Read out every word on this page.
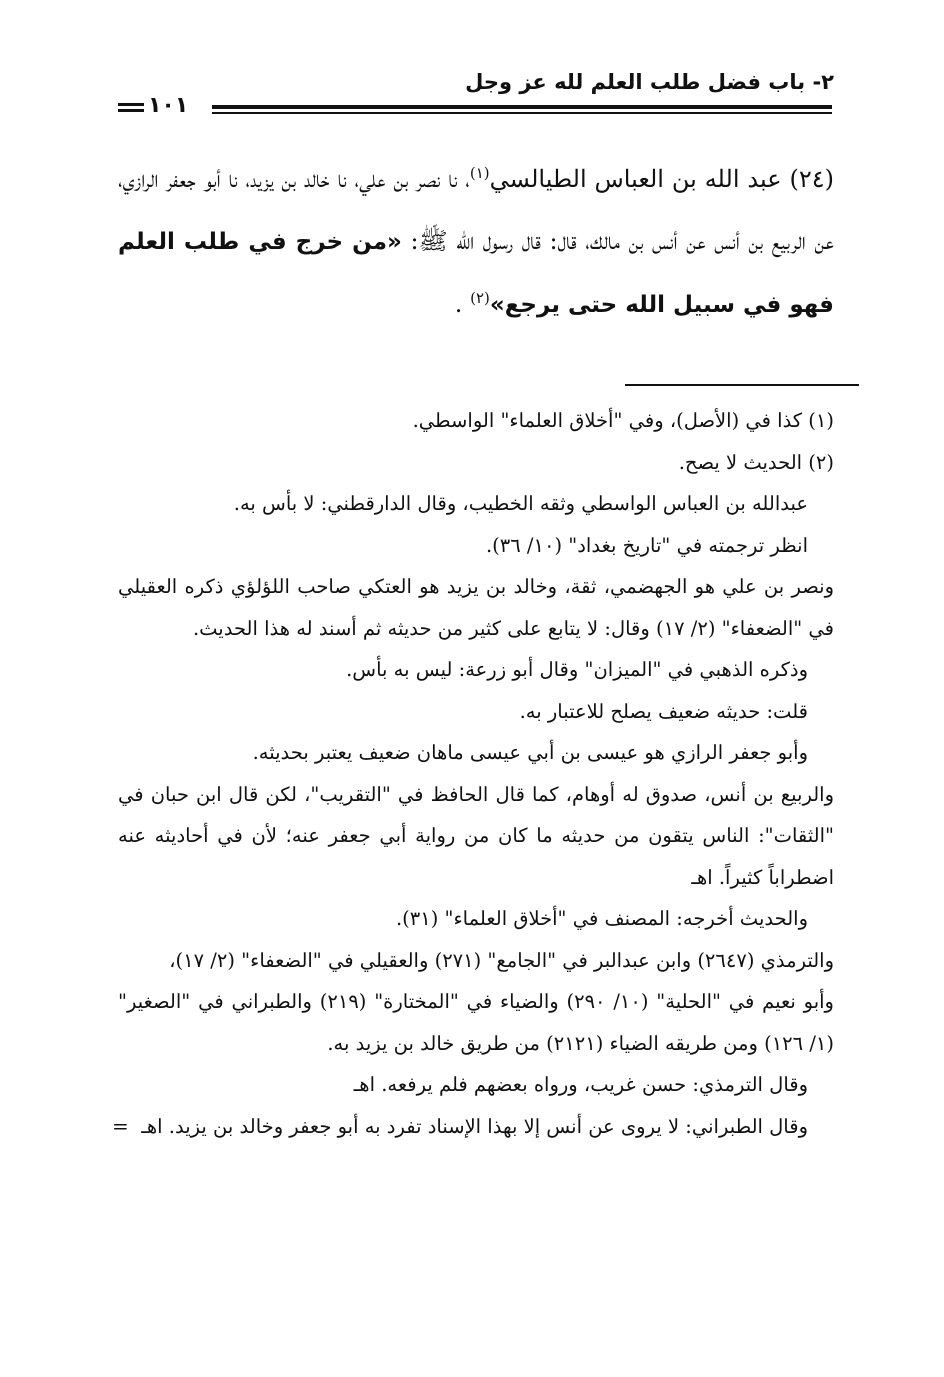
٢- باب فضل طلب العلم لله عز وجل
١٠١

(٢٤) عبد الله بن العباس الطيالسي$^{(١)}$، نا نصر بن علي، نا خالد بن يزيد، نا أبو جعفر الرازي، عن الربيع بن أنس عن أنس بن مالك، قال: قال رسول الله ﷺ: «من خرج في طلب العلم فهو في سبيل الله حتى يرجع»$^{(٢)}$ .

(١) كذا في (الأصل)، وفي "أخلاق العلماء" الواسطي.

(٢) الحديث لا يصح.

عبدالله بن العباس الواسطي وثقه الخطيب، وقال الدارقطني: لا بأس به.

انظر ترجمته في "تاريخ بغداد" (١٠/ ٣٦).

ونصر بن علي هو الجهضمي، ثقة، وخالد بن يزيد هو العتكي صاحب اللؤلؤي ذكره العقيلي في "الضعفاء" (٢/ ١٧) وقال: لا يتابع على كثير من حديثه ثم أسند له هذا الحديث.

وذكره الذهبي في "الميزان" وقال أبو زرعة: ليس به بأس.

قلت: حديثه ضعيف يصلح للاعتبار به.

وأبو جعفر الرازي هو عيسى بن أبي عيسى ماهان ضعيف يعتبر بحديثه.

والربيع بن أنس، صدوق له أوهام، كما قال الحافظ في "التقريب"، لكن قال ابن حبان في "الثقات": الناس يتقون من حديثه ما كان من رواية أبي جعفر عنه؛ لأن في أحاديثه عنه اضطراباً كثيراً. اهـ

والحديث أخرجه: المصنف في "أخلاق العلماء" (٣١).

والترمذي (٢٦٤٧) وابن عبدالبر في "الجامع" (٢٧١) والعقيلي في "الضعفاء" (٢/ ١٧)،

وأبو نعيم في "الحلية" (١٠/ ٢٩٠) والضياء في "المختارة" (٢١٩) والطبراني في "الصغير" (١/ ١٢٦) ومن طريقه الضياء (٢١٢١) من طريق خالد بن يزيد به.

وقال الترمذي: حسن غريب، ورواه بعضهم فلم يرفعه. اهـ

وقال الطبراني: لا يروى عن أنس إلا بهذا الإسناد تفرد به أبو جعفر وخالد بن يزيد. اهـ
=
